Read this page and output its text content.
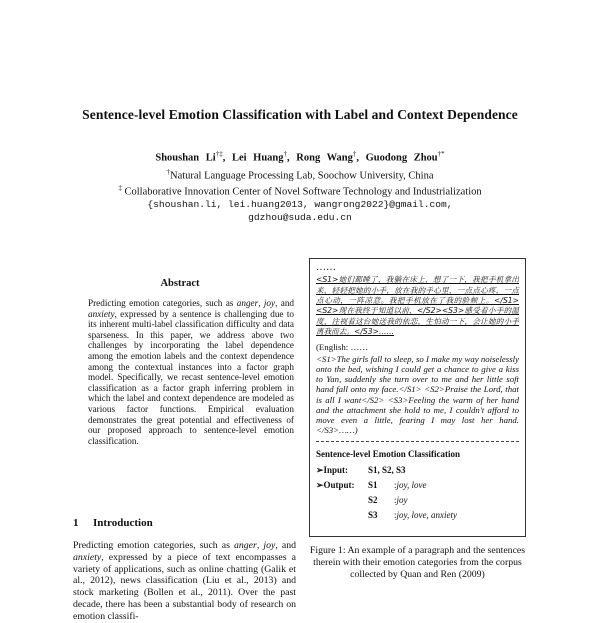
Sentence-level Emotion Classification with Label and Context Dependence
Shoushan Li†‡, Lei Huang†, Rong Wang†, Guodong Zhou†*
†Natural Language Processing Lab, Soochow University, China
‡ Collaborative Innovation Center of Novel Software Technology and Industrialization
{shoushan.li, lei.huang2013, wangrong2022}@gmail.com,
gdzhou@suda.edu.cn
Abstract
Predicting emotion categories, such as anger, joy, and anxiety, expressed by a sentence is challenging due to its inherent multi-label classification difficulty and data sparseness. In this paper, we address above two challenges by incorporating the label dependence among the emotion labels and the context dependence among the contextual instances into a factor graph model. Specifically, we recast sentence-level emotion classification as a factor graph inferring problem in which the label and context dependence are modeled as various factor functions. Empirical evaluation demonstrates the great potential and effectiveness of our proposed approach to sentence-level emotion classification.
1 Introduction
Predicting emotion categories, such as anger, joy, and anxiety, expressed by a piece of text encompasses a variety of applications, such as online chatting (Galik et al., 2012), news classification (Liu et al., 2013) and stock marketing (Bollen et al., 2011). Over the past decade, there has been a substantial body of research on emotion classifi-
……
<S1>她们都睡了，我躺在床上，想了一下，我把手机拿出来，轻轻把她的小手，放在我的手心里，一点点心疼，一点点心动，一阵凉意。我把手机放在了我的脸颊上。</S1><S2>现在我终于知道以前，</S2><S3>感受着小手的温度，注视着这台她送我的依恋，生怕动一下，会让她的小手离我而去。</S3>……
(English: ……
<S1>The girls fall to sleep, so I make my way noiselessly onto the bed, wishing I could get a chance to give a kiss to Yan, suddenly she turn over to me and her little soft hand fall onto my face.</S1> <S2>Praise the Lord, that is all I want</S2> <S3>Feeling the warm of her hand and the attachment she hold to me, I couldn't afford to move even a little, fearing I may lost her hand.</S3>……)
Sentence-level Emotion Classification
➢Input:	S1, S2, S3
➢Output:	S1	: joy, love
S2	: joy
S3	: joy, love, anxiety
Figure 1: An example of a paragraph and the sentences therein with their emotion categories from the corpus collected by Quan and Ren (2009)
